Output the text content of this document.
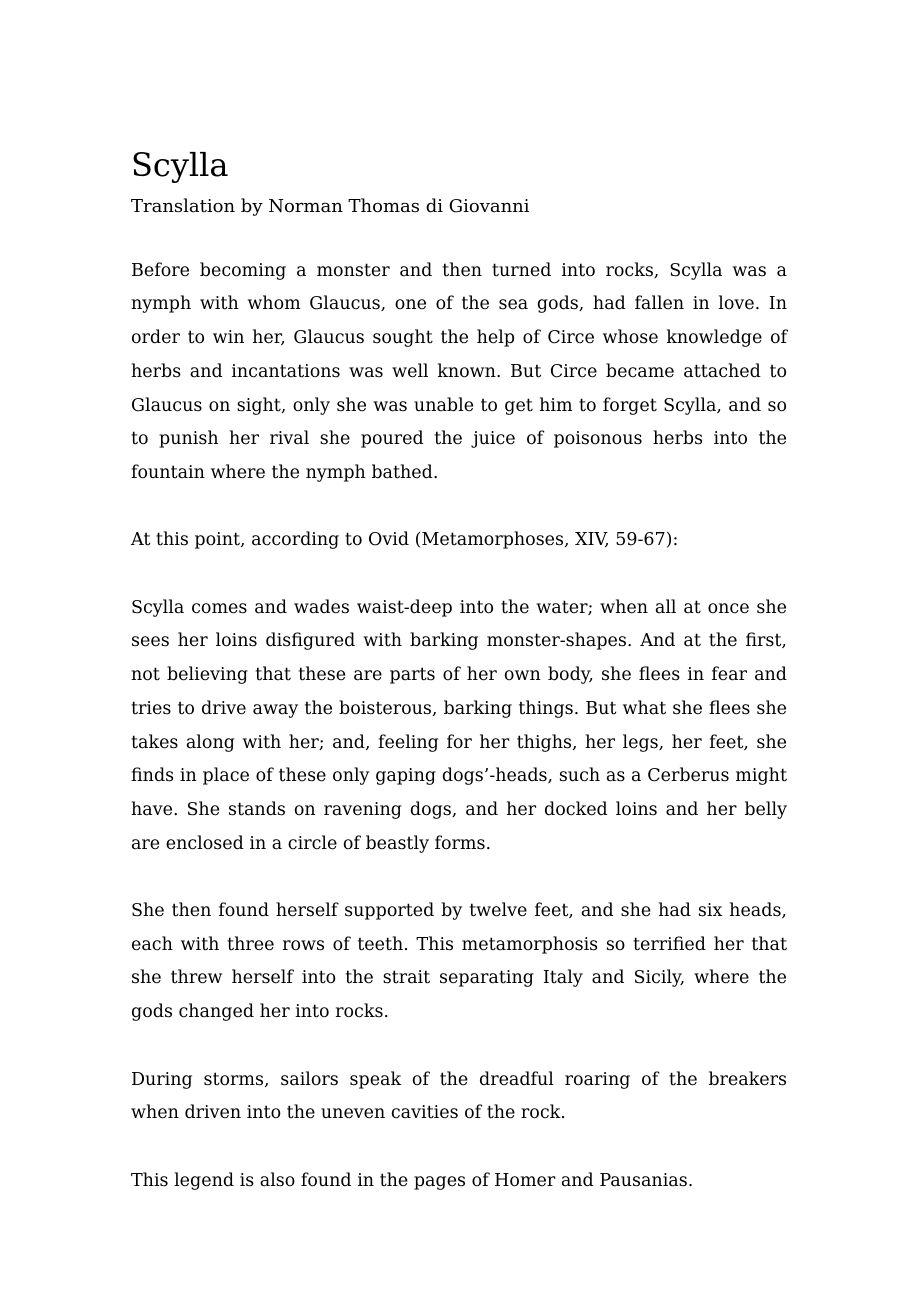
Scylla

Translation by Norman Thomas di Giovanni

Before becoming a monster and then turned into rocks, Scylla was a nymph with whom Glaucus, one of the sea gods, had fallen in love. In order to win her, Glaucus sought the help of Circe whose knowledge of herbs and incantations was well known. But Circe became attached to Glaucus on sight, only she was unable to get him to forget Scylla, and so to punish her rival she poured the juice of poisonous herbs into the fountain where the nymph bathed.

At this point, according to Ovid (Metamorphoses, XIV, 59-67):

Scylla comes and wades waist-deep into the water; when all at once she sees her loins disfigured with barking monster-shapes. And at the first, not believing that these are parts of her own body, she flees in fear and tries to drive away the boisterous, barking things. But what she flees she takes along with her; and, feeling for her thighs, her legs, her feet, she finds in place of these only gaping dogs’-heads, such as a Cerberus might have. She stands on ravening dogs, and her docked loins and her belly are enclosed in a circle of beastly forms.

She then found herself supported by twelve feet, and she had six heads, each with three rows of teeth. This metamorphosis so terrified her that she threw herself into the strait separating Italy and Sicily, where the gods changed her into rocks.

During storms, sailors speak of the dreadful roaring of the breakers when driven into the uneven cavities of the rock.

This legend is also found in the pages of Homer and Pausanias.
